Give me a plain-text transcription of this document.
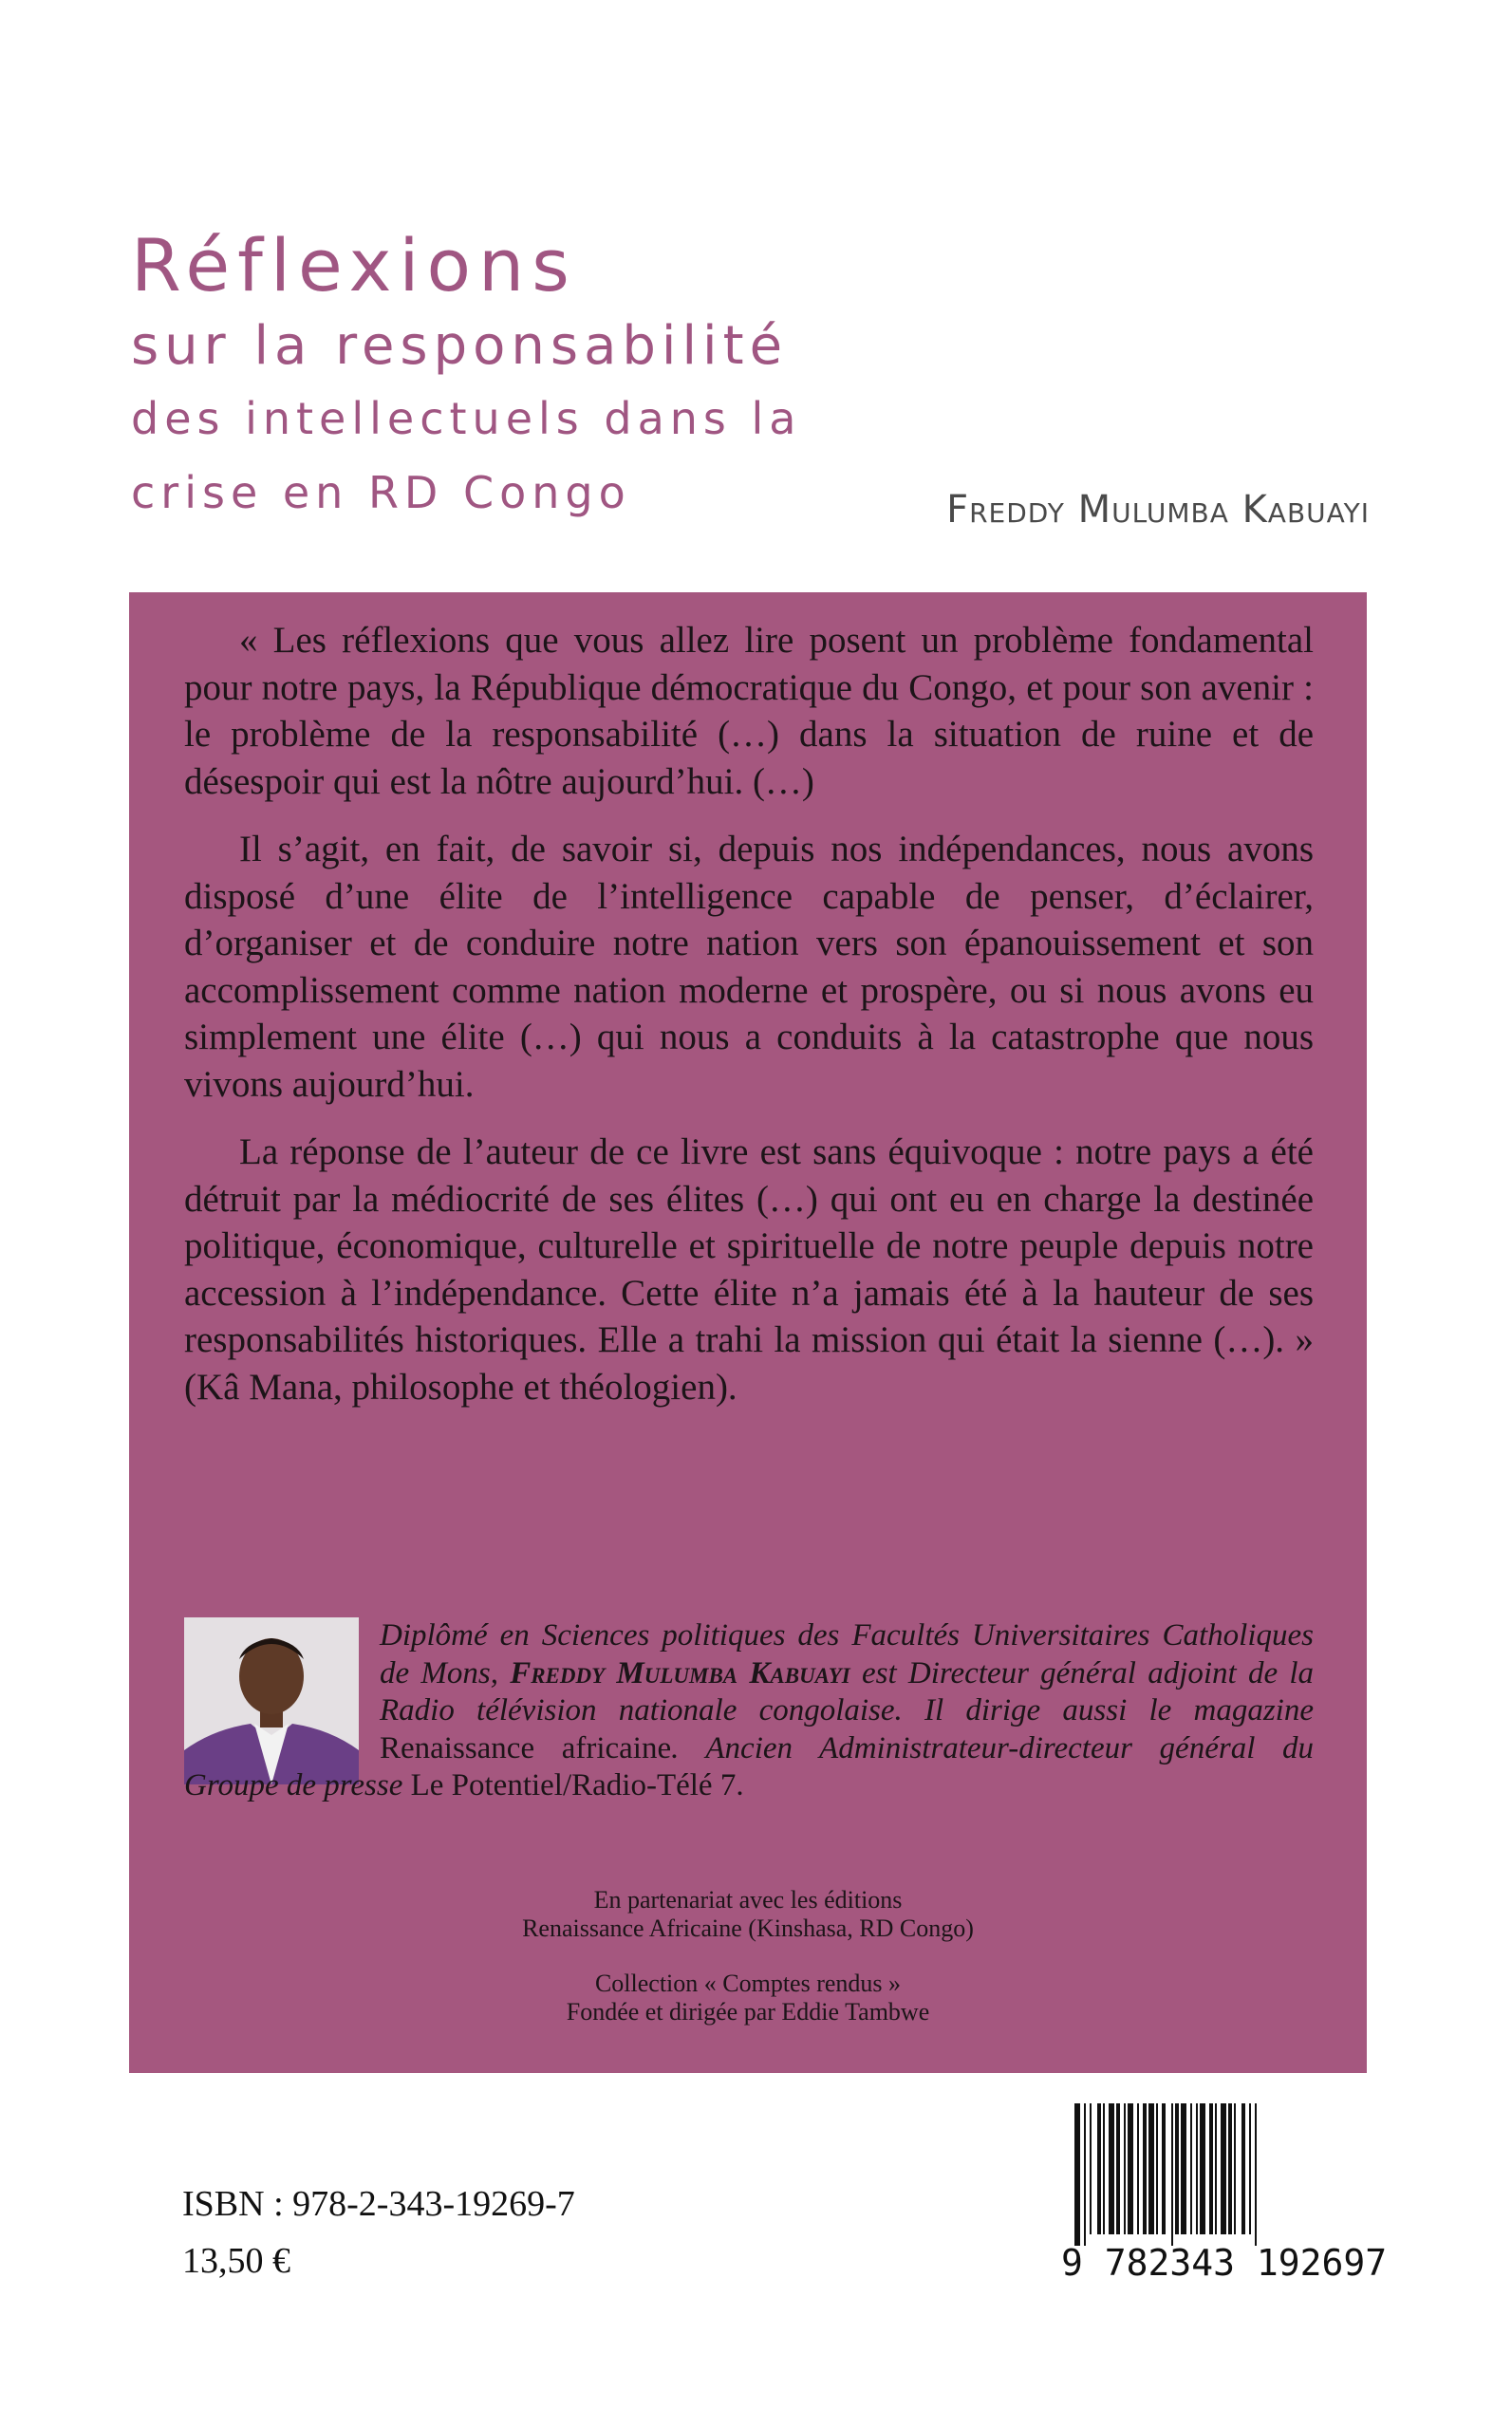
Réflexions
sur la responsabilité
des intellectuels dans la
crise en RD Congo	Freddy Mulumba Kabuayi

« Les réflexions que vous allez lire posent un problème fondamental pour notre pays, la République démocratique du Congo, et pour son avenir : le problème de la responsabilité (…) dans la situation de ruine et de désespoir qui est la nôtre aujourd’hui. (…)

Il s’agit, en fait, de savoir si, depuis nos indépendances, nous avons disposé d’une élite de l’intelligence capable de penser, d’éclairer, d’organiser et de conduire notre nation vers son épanouissement et son accomplissement comme nation moderne et prospère, ou si nous avons eu simplement une élite (…) qui nous a conduits à la catastrophe que nous vivons aujourd’hui.

La réponse de l’auteur de ce livre est sans équivoque : notre pays a été détruit par la médiocrité de ses élites (…) qui ont eu en charge la destinée politique, économique, culturelle et spirituelle de notre peuple depuis notre accession à l’indépendance. Cette élite n’a jamais été à la hauteur de ses responsabilités historiques. Elle a trahi la mission qui était la sienne (…). » (Kâ Mana, philosophe et théologien).

Diplômé en Sciences politiques des Facultés Universitaires Catholiques de Mons, Freddy Mulumba Kabuayi est Directeur général adjoint de la Radio télévision nationale congolaise. Il dirige aussi le magazine Renaissance africaine. Ancien Administrateur-directeur général du Groupe de presse Le Potentiel/Radio-Télé 7.
En partenariat avec les éditions
Renaissance Africaine (Kinshasa, RD Congo)
Collection « Comptes rendus »
Fondée et dirigée par Eddie Tambwe
ISBN : 978-2-343-19269-7
13,50 €	9 782343 192697
